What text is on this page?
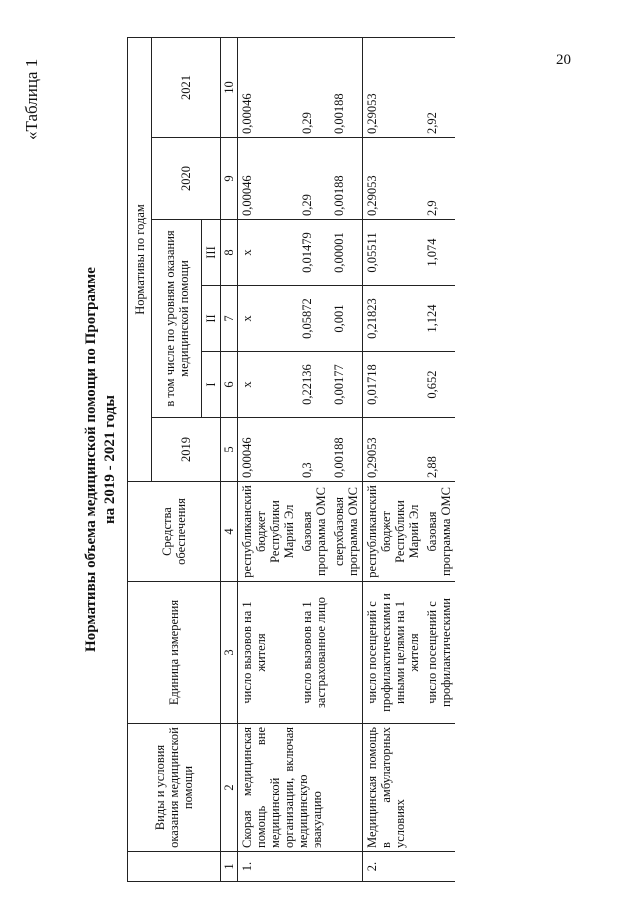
20
«Таблица 1
Нормативы объема медицинской помощи по Программе на 2019 - 2021 годы
	Виды и условия оказания медицинской помощи	Единица измерения	Средства обеспечения	Нормативы по годам					
				2019	в том числе по уровням оказания медицинской помощи			2020	2021
					I	II	III		
1	2	3	4	5	6	7	8	9	10
1.	Скорая медицинская помощь вне медицинской организации, включая медицинскую эвакуацию	число вызовов на 1 жителя	республиканский бюджет Республики Марий Эл	0,00046	x	x	x	0,00046	0,00046
		число вызовов на 1 застрахованное лицо	базовая программа ОМС	0,3	0,22136	0,05872	0,01479	0,29	0,29
			сверхбазовая программа ОМС	0,00188	0,00177	0,001	0,00001	0,00188	0,00188
2.	Медицинская помощь в амбулаторных условиях	число посещений с профилактическими и иными целями на 1 жителя	республиканский бюджет Республики Марий Эл	0,29053	0,01718	0,21823	0,05511	0,29053	0,29053
		число посещений с профилактическими	базовая программа ОМС	2,88	0,652	1,124	1,074	2,9	2,92
